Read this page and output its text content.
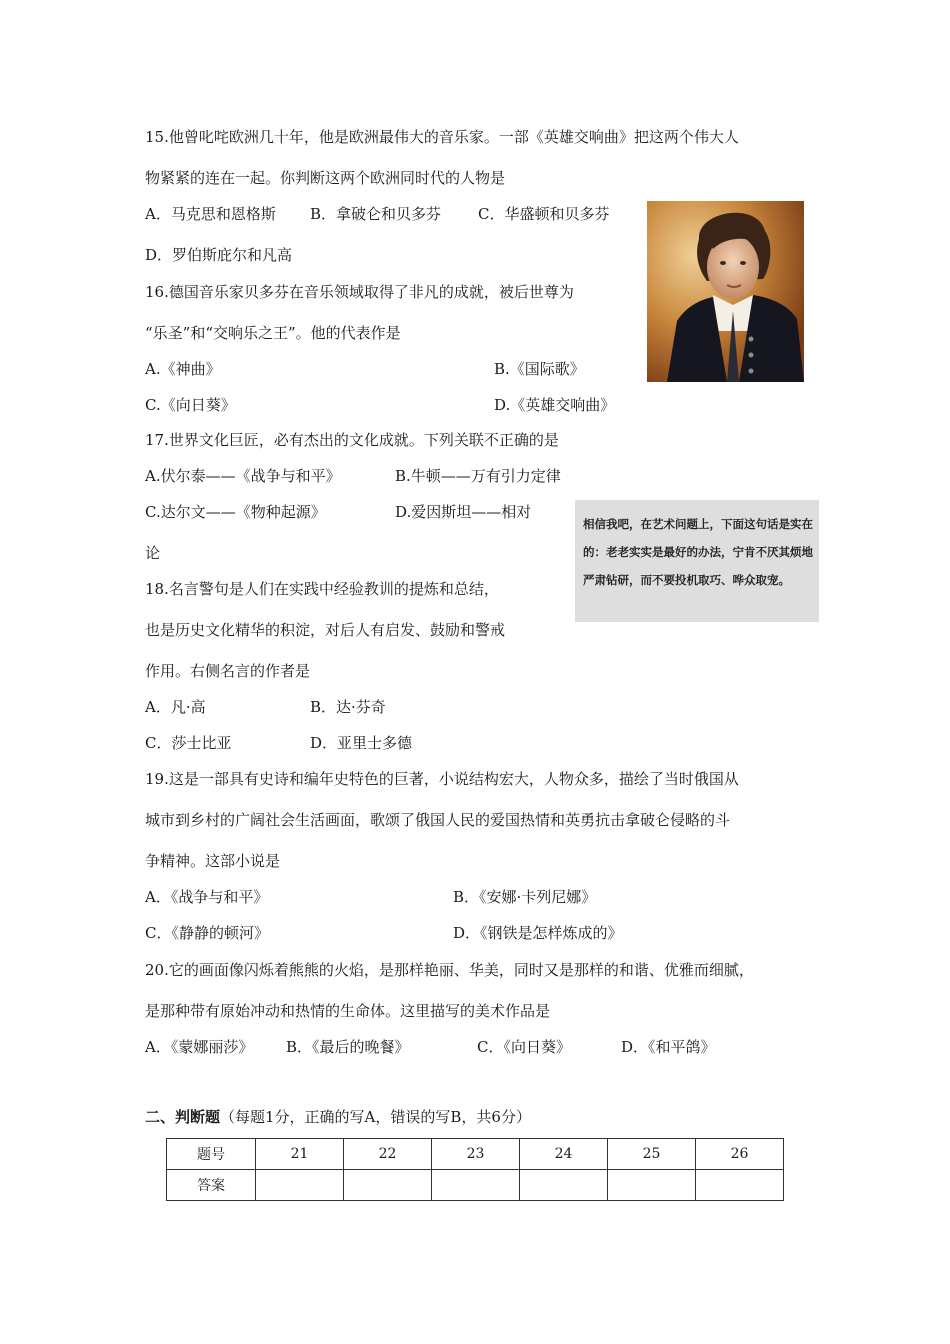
15.他曾叱咤欧洲几十年，他是欧洲最伟大的音乐家。一部《英雄交响曲》把这两个伟大人
物紧紧的连在一起。你判断这两个欧洲同时代的人物是
A．马克思和恩格斯 B．拿破仑和贝多芬 C．华盛顿和贝多芬
D．罗伯斯庇尔和凡高
16.德国音乐家贝多芬在音乐领域取得了非凡的成就，被后世尊为
“乐圣”和“交响乐之王”。他的代表作是
A.《神曲》	B.《国际歌》
C.《向日葵》	D.《英雄交响曲》
17.世界文化巨匠，必有杰出的文化成就。下列关联不正确的是
A.伏尔泰——《战争与和平》	B.牛顿——万有引力定律
C.达尔文——《物种起源》	D.爱因斯坦——相对
论
相信我吧，在艺术问题上，下面这句话是实在的：老老实实是最好的办法，宁肯不厌其烦地严肃钻研，而不要投机取巧、哗众取宠。
18.名言警句是人们在实践中经验教训的提炼和总结，
也是历史文化精华的积淀，对后人有启发、鼓励和警戒
作用。右侧名言的作者是
A．凡·高	B．达·芬奇
C．莎士比亚	D．亚里士多德
19.这是一部具有史诗和编年史特色的巨著，小说结构宏大，人物众多，描绘了当时俄国从
城市到乡村的广阔社会生活画面，歌颂了俄国人民的爱国热情和英勇抗击拿破仑侵略的斗
争精神。这部小说是
A．《战争与和平》	B．《安娜·卡列尼娜》
C．《静静的顿河》	D．《钢铁是怎样炼成的》
20.它的画面像闪烁着熊熊的火焰，是那样艳丽、华美，同时又是那样的和谐、优雅而细腻，
是那种带有原始冲动和热情的生命体。这里描写的美术作品是
A．《蒙娜丽莎》 B．《最后的晚餐》	C．《向日葵》	D．《和平鸽》
二、判断题（每题1分，正确的写A，错误的写B，共6分）
题号	21	22	23	24	25	26
答案						
